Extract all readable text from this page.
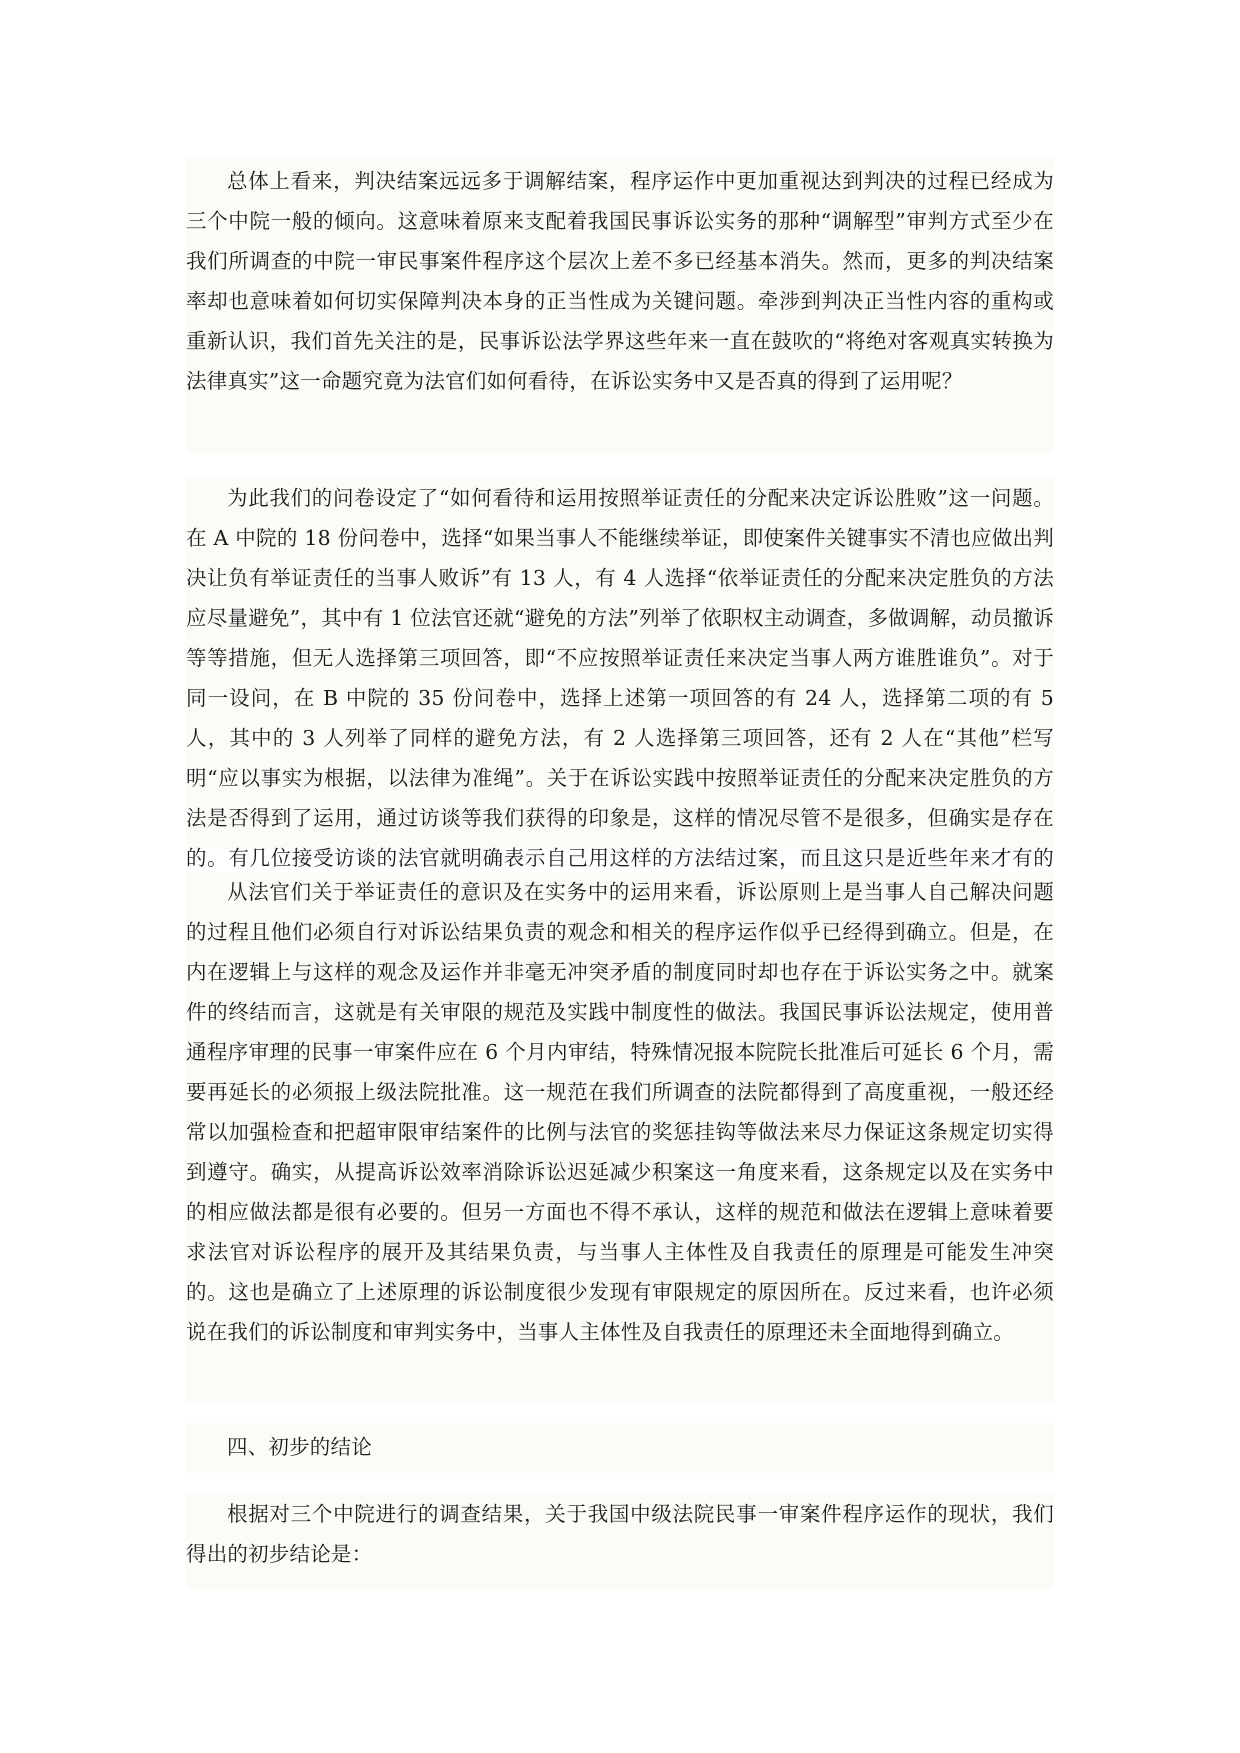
总体上看来，判决结案远远多于调解结案，程序运作中更加重视达到判决的过程已经成为三个中院一般的倾向。这意味着原来支配着我国民事诉讼实务的那种“调解型”审判方式至少在我们所调查的中院一审民事案件程序这个层次上差不多已经基本消失。然而，更多的判决结案率却也意味着如何切实保障判决本身的正当性成为关键问题。牵涉到判决正当性内容的重构或重新认识，我们首先关注的是，民事诉讼法学界这些年来一直在鼓吹的“将绝对客观真实转换为法律真实”这一命题究竟为法官们如何看待，在诉讼实务中又是否真的得到了运用呢？

为此我们的问卷设定了“如何看待和运用按照举证责任的分配来决定诉讼胜败”这一问题。在 A 中院的 18 份问卷中，选择“如果当事人不能继续举证，即使案件关键事实不清也应做出判决让负有举证责任的当事人败诉”有 13 人，有 4 人选择“依举证责任的分配来决定胜负的方法应尽量避免”，其中有 1 位法官还就“避免的方法”列举了依职权主动调查，多做调解，动员撤诉等等措施，但无人选择第三项回答，即“不应按照举证责任来决定当事人两方谁胜谁负”。对于同一设问，在 B 中院的 35 份问卷中，选择上述第一项回答的有 24 人，选择第二项的有 5 人，其中的 3 人列举了同样的避免方法，有 2 人选择第三项回答，还有 2 人在“其他”栏写明“应以事实为根据，以法律为准绳”。关于在诉讼实践中按照举证责任的分配来决定胜负的方法是否得到了运用，通过访谈等我们获得的印象是，这样的情况尽管不是很多，但确实是存在的。有几位接受访谈的法官就明确表示自己用这样的方法结过案，而且这只是近些年来才有的

从法官们关于举证责任的意识及在实务中的运用来看，诉讼原则上是当事人自己解决问题的过程且他们必须自行对诉讼结果负责的观念和相关的程序运作似乎已经得到确立。但是，在内在逻辑上与这样的观念及运作并非毫无冲突矛盾的制度同时却也存在于诉讼实务之中。就案件的终结而言，这就是有关审限的规范及实践中制度性的做法。我国民事诉讼法规定，使用普通程序审理的民事一审案件应在 6 个月内审结，特殊情况报本院院长批准后可延长 6 个月，需要再延长的必须报上级法院批准。这一规范在我们所调查的法院都得到了高度重视，一般还经常以加强检查和把超审限审结案件的比例与法官的奖惩挂钩等做法来尽力保证这条规定切实得到遵守。确实，从提高诉讼效率消除诉讼迟延减少积案这一角度来看，这条规定以及在实务中的相应做法都是很有必要的。但另一方面也不得不承认，这样的规范和做法在逻辑上意味着要求法官对诉讼程序的展开及其结果负责，与当事人主体性及自我责任的原理是可能发生冲突的。这也是确立了上述原理的诉讼制度很少发现有审限规定的原因所在。反过来看，也许必须说在我们的诉讼制度和审判实务中，当事人主体性及自我责任的原理还未全面地得到确立。

四、初步的结论

根据对三个中院进行的调查结果，关于我国中级法院民事一审案件程序运作的现状，我们得出的初步结论是：
